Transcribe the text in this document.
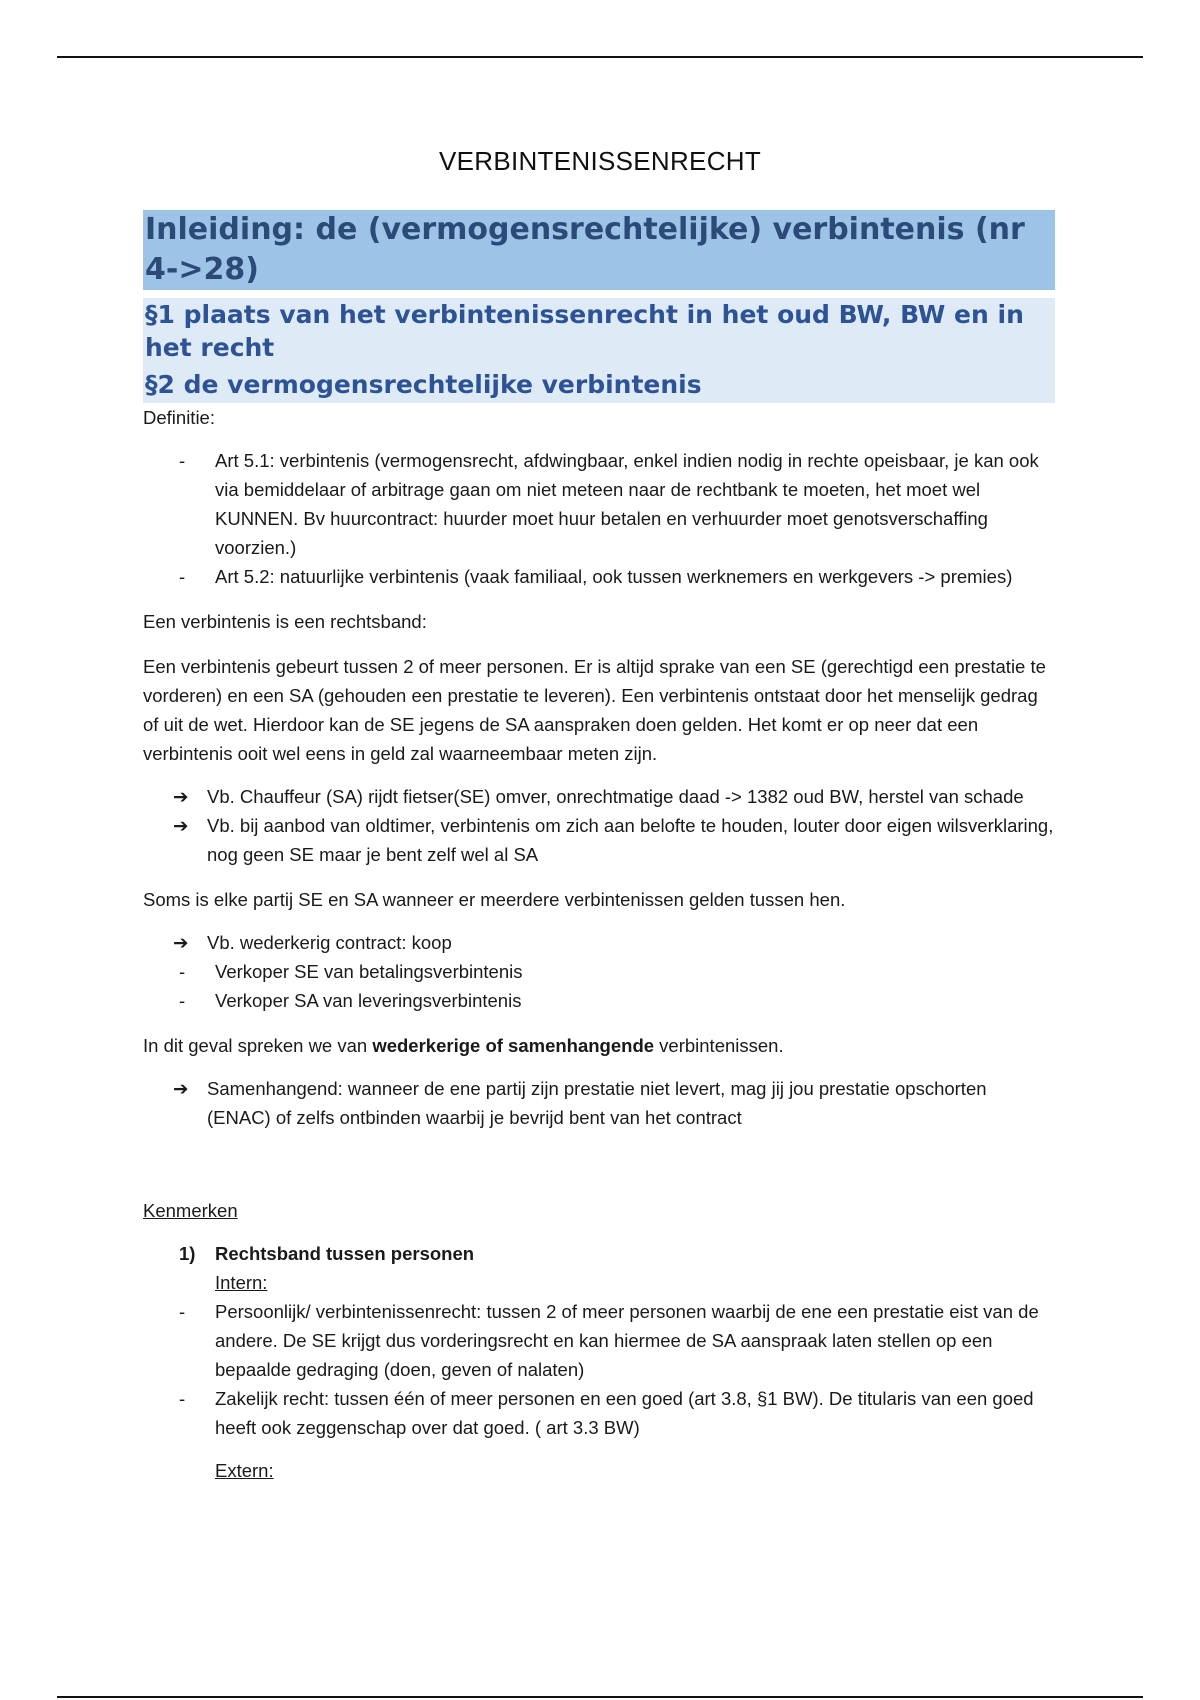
VERBINTENISSENRECHT
Inleiding: de (vermogensrechtelijke) verbintenis (nr 4->28)
§1 plaats van het verbintenissenrecht in het oud BW, BW en in het recht
§2 de vermogensrechtelijke verbintenis

Definitie:

- Art 5.1: verbintenis (vermogensrecht, afdwingbaar, enkel indien nodig in rechte opeisbaar, je kan ook via bemiddelaar of arbitrage gaan om niet meteen naar de rechtbank te moeten, het moet wel KUNNEN. Bv huurcontract: huurder moet huur betalen en verhuurder moet genotsverschaffing voorzien.)
- Art 5.2: natuurlijke verbintenis (vaak familiaal, ook tussen werknemers en werkgevers -> premies)

Een verbintenis is een rechtsband:

Een verbintenis gebeurt tussen 2 of meer personen. Er is altijd sprake van een SE (gerechtigd een prestatie te vorderen) en een SA (gehouden een prestatie te leveren). Een verbintenis ontstaat door het menselijk gedrag of uit de wet. Hierdoor kan de SE jegens de SA aanspraken doen gelden. Het komt er op neer dat een verbintenis ooit wel eens in geld zal waarneembaar meten zijn.

➔ Vb. Chauffeur (SA) rijdt fietser(SE) omver, onrechtmatige daad -> 1382 oud BW, herstel van schade
➔ Vb. bij aanbod van oldtimer, verbintenis om zich aan belofte te houden, louter door eigen wilsverklaring, nog geen SE maar je bent zelf wel al SA

Soms is elke partij SE en SA wanneer er meerdere verbintenissen gelden tussen hen.

➔ Vb. wederkerig contract: koop
- Verkoper SE van betalingsverbintenis
- Verkoper SA van leveringsverbintenis

In dit geval spreken we van wederkerige of samenhangende verbintenissen.

➔ Samenhangend: wanneer de ene partij zijn prestatie niet levert, mag jij jou prestatie opschorten (ENAC) of zelfs ontbinden waarbij je bevrijd bent van het contract

Kenmerken

1) Rechtsband tussen personen

Intern:

- Persoonlijk/ verbintenissenrecht: tussen 2 of meer personen waarbij de ene een prestatie eist van de andere. De SE krijgt dus vorderingsrecht en kan hiermee de SA aanspraak laten stellen op een bepaalde gedraging (doen, geven of nalaten)
- Zakelijk recht: tussen één of meer personen en een goed (art 3.8, §1 BW). De titularis van een goed heeft ook zeggenschap over dat goed. ( art 3.3 BW)

Extern:
